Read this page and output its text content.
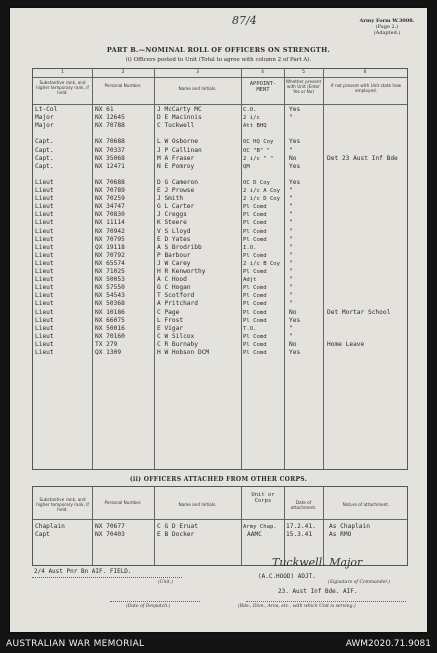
87/4	Army Form W.3008.
(Page 2.)
(Adapted.)
PART B.—NOMINAL ROLL OF OFFICERS ON STRENGTH.
(i) Officers posted to Unit (Total to agree with column 2 of Part A).
1	2	3	4	5	6
Substantive rank, and higher temporary rank, if held.
Personal Number.
Name and Initials.
APPOINT- MENT
Whether present with Unit (Enter Yes or No)
If not present with Unit state how employed.
Lt-Col	NX 61	J McCarty MC	C.O.	Yes
Major	NX 12645	D E Macinnis	2 i/c	"
Major	NX 70788	C Tuckwell	Att BHQ
Capt.	NX 70688	L W Osborne	OC HQ Coy	Yes
Capt.	NX 70337	J P Callinan	OC "B" "	"
Capt.	NX 35068	M A Fraser	2 i/c " "	No	Det 23 Aust Inf Bde
Capt.	NX 12471	N E Pomroy	QM	Yes
Lieut	NX 70688	D G Cameron	OC D Coy	Yes
Lieut	NX 70789	E J Prowse	2 i/c A Coy "
Lieut	NX 70259	J Smith	2 i/c D Coy "
Lieut	NX 34747	G L Carter	Pl Comd	"
Lieut	NX 70830	J Creggs	Pl Comd	"
Lieut	NX 11114	K Steere	Pl Comd	"
Lieut	NX 70942	V S Lloyd	Pl Comd	"
Lieut	NX 70795	E D Yates	Pl Comd	"
Lieut	QX 19118	A S Brodribb	I.O.	"
Lieut	NX 70792	P Barbour	Pl Comd	"
Lieut	NX 65574	J W Carey	2 i/c B Coy "
Lieut	NX 71025	H R Kenworthy	Pl Comd	"
Lieut	NX 50053	A C Hood	Adjt	"
Lieut	NX 57550	G C Hogan	Pl Comd	"
Lieut	NX 54543	T Scotford	Pl Comd	"
Lieut	NX 50368	A Pritchard	Pl Comd	"
Lieut	NX 10186	C Page	Pl Comd	No	Det Mortar School
Lieut	NX 66075	L Frost	Pl Comd	Yes
Lieut	NX 50016	E Vigar	T.O.	"
Lieut	NX 70160	C W Silcox	Pl Comd	"
Lieut	TX 279	C R Burnaby	Pl Comd	No	Home Leave
Lieut	QX 1309	H W Hobson DCM	Pl Comd	Yes
(ii) OFFICERS ATTACHED FROM OTHER CORPS.
Substantive rank, and higher temporary rank, if held.
Personal Number.	Name and Initials.
Unit or Corps	Date of attachment.
Nature of attachment.
Chaplain	NX 70677	C G D Eruat	Army Chap. 17.2.41. As Chaplain
Capt	NX 70403	E B Docker	AAMC	15.3.41	As RMO
2/4 Aust Pnr Bn AIF. FIELD.
(Unit.)
Tuckwell. Major
(A.C.HOOD) ADJT.
(Signature of Commander.)
23. Aust Inf Bde. AIF.
(Date of Despatch.)	(Bde., Divn., Area, etc., with which Unit is serving.)
AUSTRALIAN WAR MEMORIAL	AWM2020.71.9081
